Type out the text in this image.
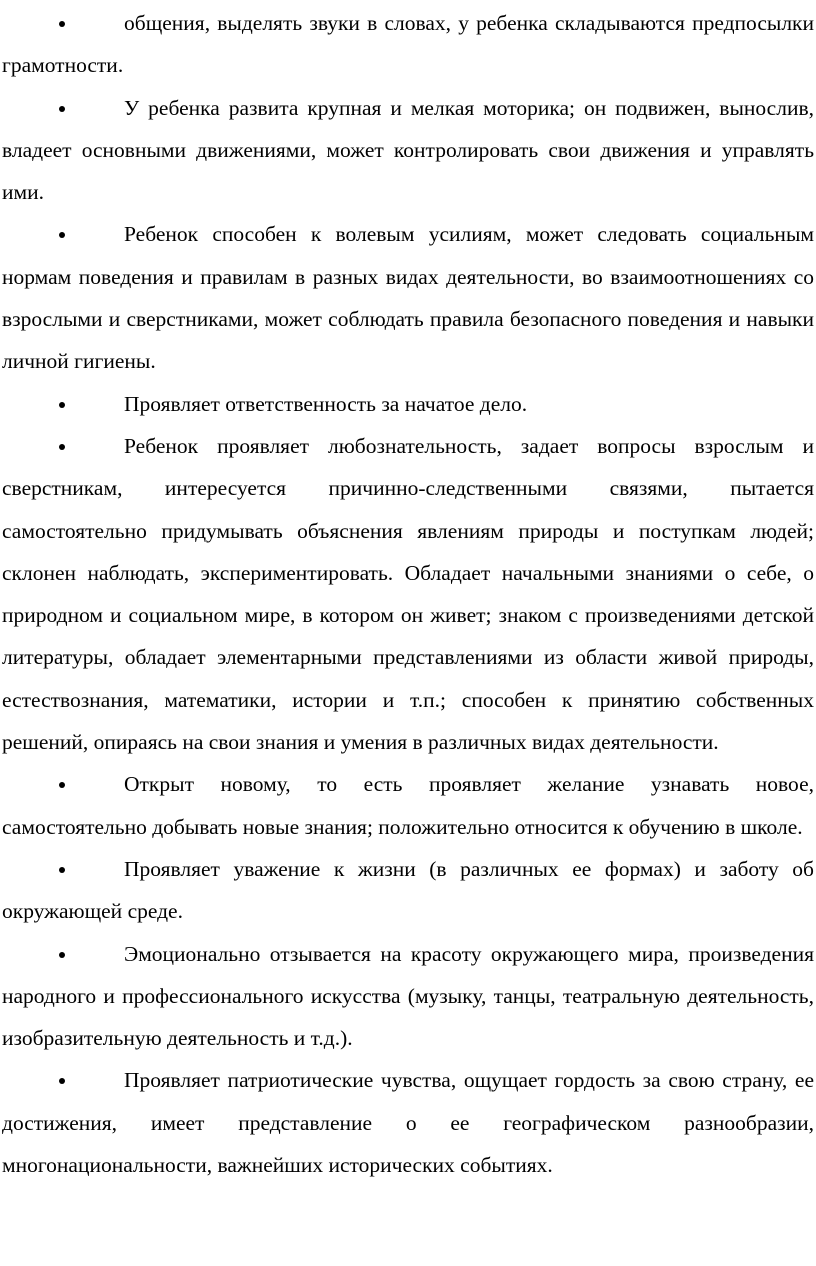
общения, выделять звуки в словах, у ребенка складываются предпосылки грамотности.

У ребенка развита крупная и мелкая моторика; он подвижен, вынослив, владеет основными движениями, может контролировать свои движения и управлять ими.

Ребенок способен к волевым усилиям, может следовать социальным нормам поведения и правилам в разных видах деятельности, во взаимоотношениях со взрослыми и сверстниками, может соблюдать правила безопасного поведения и навыки личной гигиены.

Проявляет ответственность за начатое дело.

Ребенок проявляет любознательность, задает вопросы взрослым и сверстникам, интересуется причинно-следственными связями, пытается самостоятельно придумывать объяснения явлениям природы и поступкам людей; склонен наблюдать, экспериментировать. Обладает начальными знаниями о себе, о природном и социальном мире, в котором он живет; знаком с произведениями детской литературы, обладает элементарными представлениями из области живой природы, естествознания, математики, истории и т.п.; способен к принятию собственных решений, опираясь на свои знания и умения в различных видах деятельности.

Открыт новому, то есть проявляет желание узнавать новое, самостоятельно добывать новые знания; положительно относится к обучению в школе.

Проявляет уважение к жизни (в различных ее формах) и заботу об окружающей среде.

Эмоционально отзывается на красоту окружающего мира, произведения народного и профессионального искусства (музыку, танцы, театральную деятельность, изобразительную деятельность и т.д.).

Проявляет патриотические чувства, ощущает гордость за свою страну, ее достижения, имеет представление о ее географическом разнообразии, многонациональности, важнейших исторических событиях.
